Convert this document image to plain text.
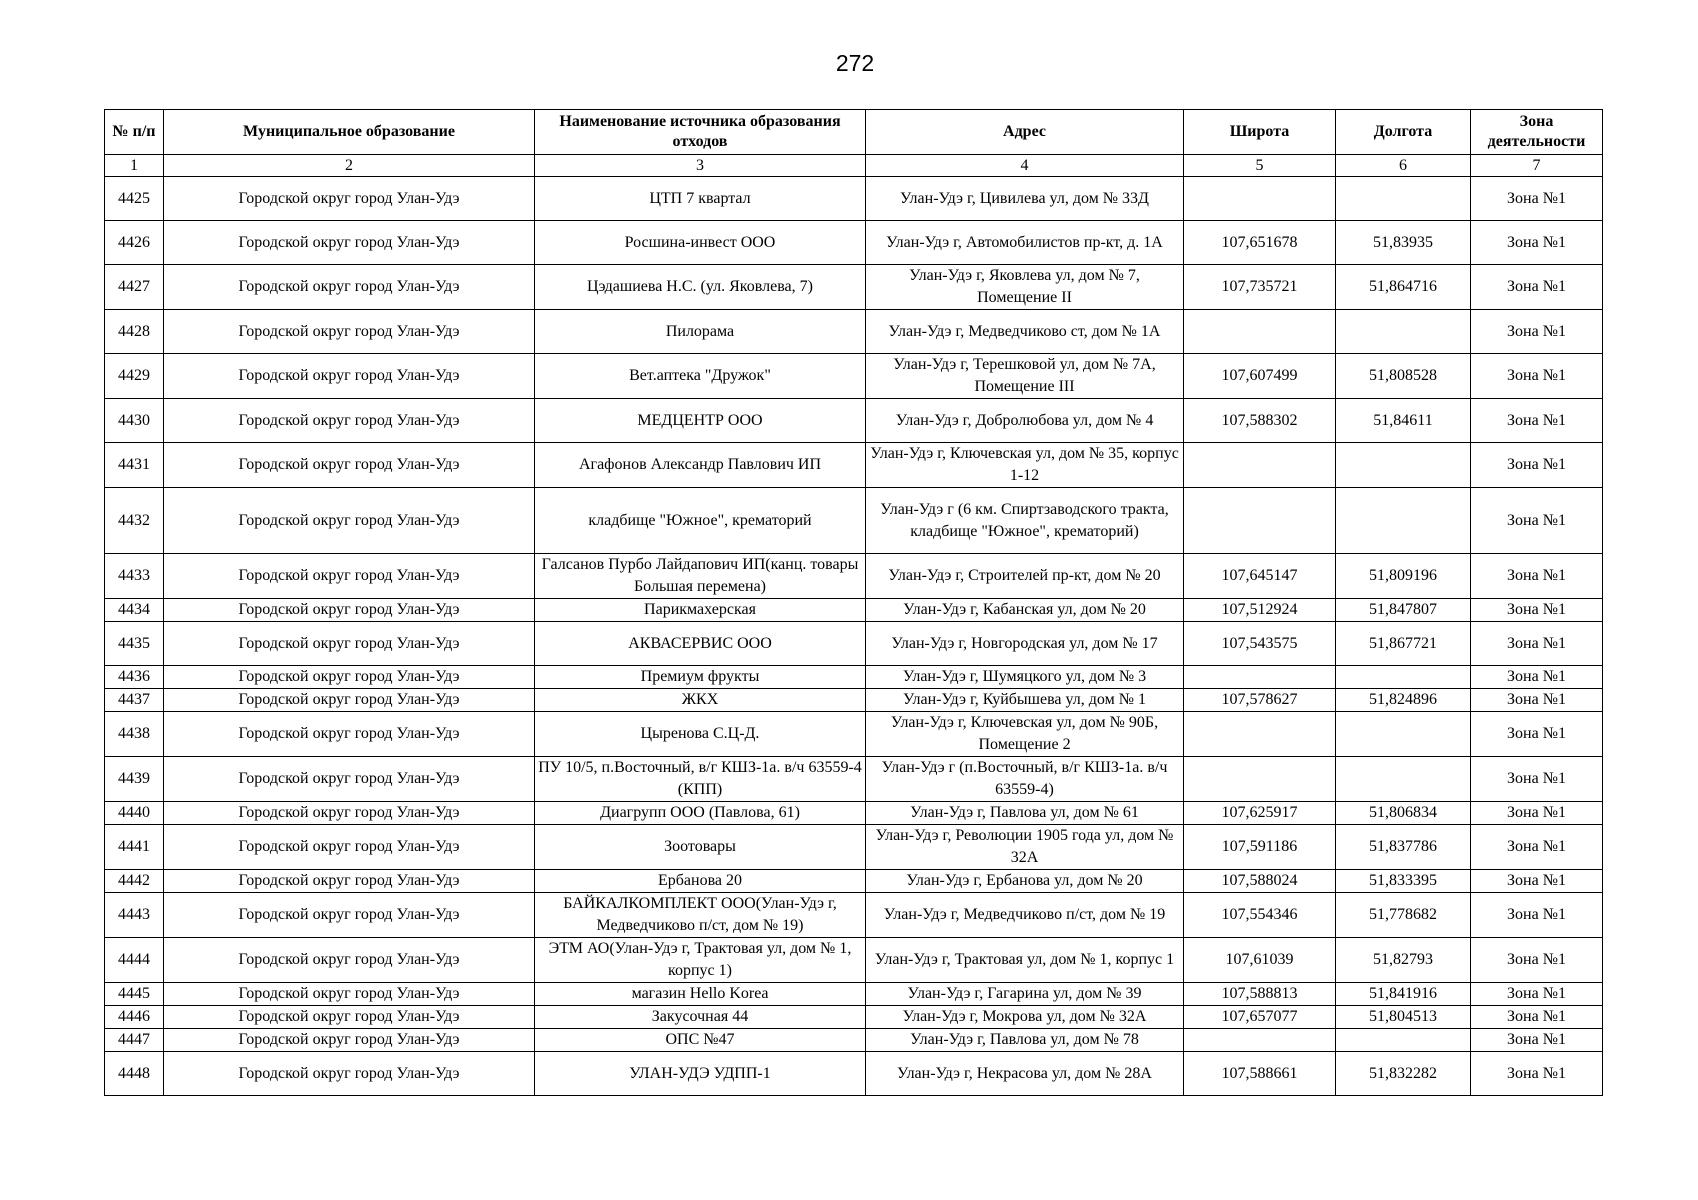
272
№ п/п	Муниципальное образование	Наименование источника образования отходов	Адрес	Широта	Долгота	Зона деятельности
1	2	3	4	5	6	7
4425	Городской округ город Улан-Удэ	ЦТП 7 квартал	Улан-Удэ г, Цивилева ул, дом № 33Д			Зона №1
4426	Городской округ город Улан-Удэ	Росшина-инвест ООО	Улан-Удэ г, Автомобилистов пр-кт, д. 1А	107,651678	51,83935	Зона №1
4427	Городской округ город Улан-Удэ	Цэдашиева Н.С. (ул. Яковлева, 7)	Улан-Удэ г, Яковлева ул, дом № 7, Помещение II	107,735721	51,864716	Зона №1
4428	Городской округ город Улан-Удэ	Пилорама	Улан-Удэ г, Медведчиково ст, дом № 1А			Зона №1
4429	Городской округ город Улан-Удэ	Вет.аптека "Дружок"	Улан-Удэ г, Терешковой ул, дом № 7А, Помещение III	107,607499	51,808528	Зона №1
4430	Городской округ город Улан-Удэ	МЕДЦЕНТР ООО	Улан-Удэ г, Добролюбова ул, дом № 4	107,588302	51,84611	Зона №1
4431	Городской округ город Улан-Удэ	Агафонов Александр Павлович ИП	Улан-Удэ г, Ключевская ул, дом № 35, корпус 1-12			Зона №1
4432	Городской округ город Улан-Удэ	кладбище "Южное", крематорий	Улан-Удэ г (6 км. Спиртзаводского тракта, кладбище "Южное", крематорий)			Зона №1
4433	Городской округ город Улан-Удэ	Галсанов Пурбо Лайдапович ИП(канц. товары Большая перемена)	Улан-Удэ г, Строителей пр-кт, дом № 20	107,645147	51,809196	Зона №1
4434	Городской округ город Улан-Удэ	Парикмахерская	Улан-Удэ г, Кабанская ул, дом № 20	107,512924	51,847807	Зона №1
4435	Городской округ город Улан-Удэ	АКВАСЕРВИС ООО	Улан-Удэ г, Новгородская ул, дом № 17	107,543575	51,867721	Зона №1
4436	Городской округ город Улан-Удэ	Премиум фрукты	Улан-Удэ г, Шумяцкого ул, дом № 3			Зона №1
4437	Городской округ город Улан-Удэ	ЖКХ	Улан-Удэ г, Куйбышева ул, дом № 1	107,578627	51,824896	Зона №1
4438	Городской округ город Улан-Удэ	Цыренова С.Ц-Д.	Улан-Удэ г, Ключевская ул, дом № 90Б, Помещение 2			Зона №1
4439	Городской округ город Улан-Удэ	ПУ 10/5, п.Восточный, в/г КШЗ-1а. в/ч 63559-4 (КПП)	Улан-Удэ г (п.Восточный, в/г КШЗ-1а. в/ч 63559-4)			Зона №1
4440	Городской округ город Улан-Удэ	Диагрупп ООО (Павлова, 61)	Улан-Удэ г, Павлова ул, дом № 61	107,625917	51,806834	Зона №1
4441	Городской округ город Улан-Удэ	Зоотовары	Улан-Удэ г, Революции 1905 года ул, дом № 32А	107,591186	51,837786	Зона №1
4442	Городской округ город Улан-Удэ	Ербанова 20	Улан-Удэ г, Ербанова ул, дом № 20	107,588024	51,833395	Зона №1
4443	Городской округ город Улан-Удэ	БАЙКАЛКОМПЛЕКТ ООО(Улан-Удэ г, Медведчиково п/ст, дом № 19)	Улан-Удэ г, Медведчиково п/ст, дом № 19	107,554346	51,778682	Зона №1
4444	Городской округ город Улан-Удэ	ЭТМ АО(Улан-Удэ г, Трактовая ул, дом № 1, корпус 1)	Улан-Удэ г, Трактовая ул, дом № 1, корпус 1	107,61039	51,82793	Зона №1
4445	Городской округ город Улан-Удэ	магазин Hello Korea	Улан-Удэ г, Гагарина ул, дом № 39	107,588813	51,841916	Зона №1
4446	Городской округ город Улан-Удэ	Закусочная 44	Улан-Удэ г, Мокрова ул, дом № 32А	107,657077	51,804513	Зона №1
4447	Городской округ город Улан-Удэ	ОПС №47	Улан-Удэ г, Павлова ул, дом № 78			Зона №1
4448	Городской округ город Улан-Удэ	УЛАН-УДЭ УДПП-1	Улан-Удэ г, Некрасова ул, дом № 28А	107,588661	51,832282	Зона №1
